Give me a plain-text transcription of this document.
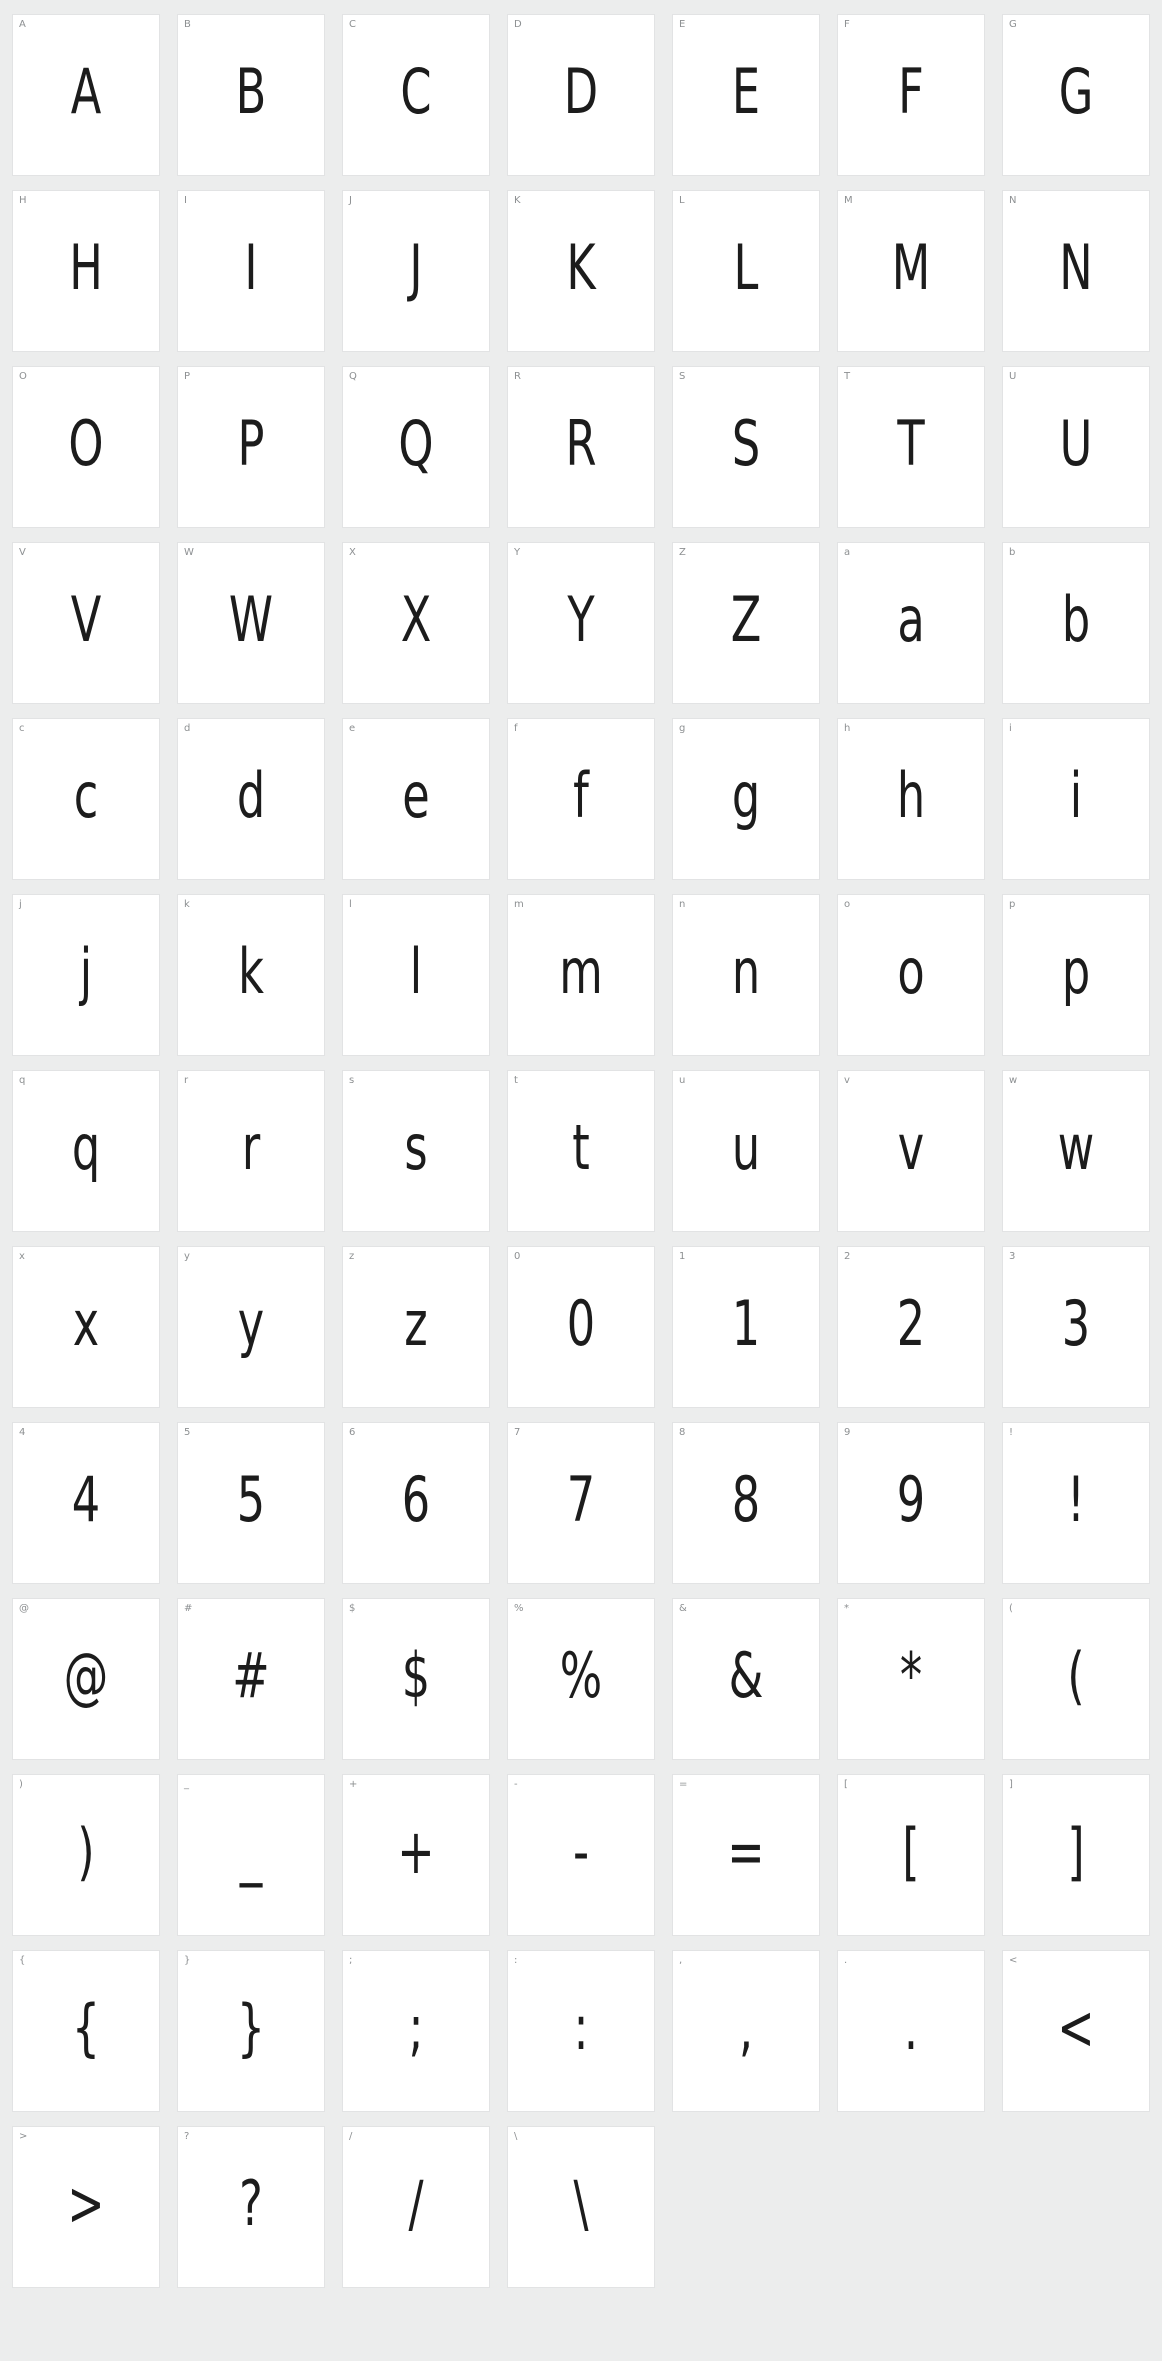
A
A
B
B
C
C
D
D
E
E
F
F
G
G
H
H
I
I
J
J
K
K
L
L
M
M
N
N
O
O
P
P
Q
Q
R
R
S
S
T
T
U
U
V
V
W
W
X
X
Y
Y
Z
Z
a
a
b
b
c
c
d
d
e
e
f
f
g
g
h
h
i
i
j
j
k
k
l
l
m
m
n
n
o
o
p
p
q
q
r
r
s
s
t
t
u
u
v
v
w
w
x
x
y
y
z
z
0
0
1
1
2
2
3
3
4
4
5
5
6
6
7
7
8
8
9
9
!
!
@
@
#
#
$
$
%
%
&
&
*
*
(
(
)
)
_
_
+
+
-
-
=
=
[
[
]
]
{
{
}
}
;
;
:
:
,
,
.
.
<
<
>
>
?
?
/
/
\
\
